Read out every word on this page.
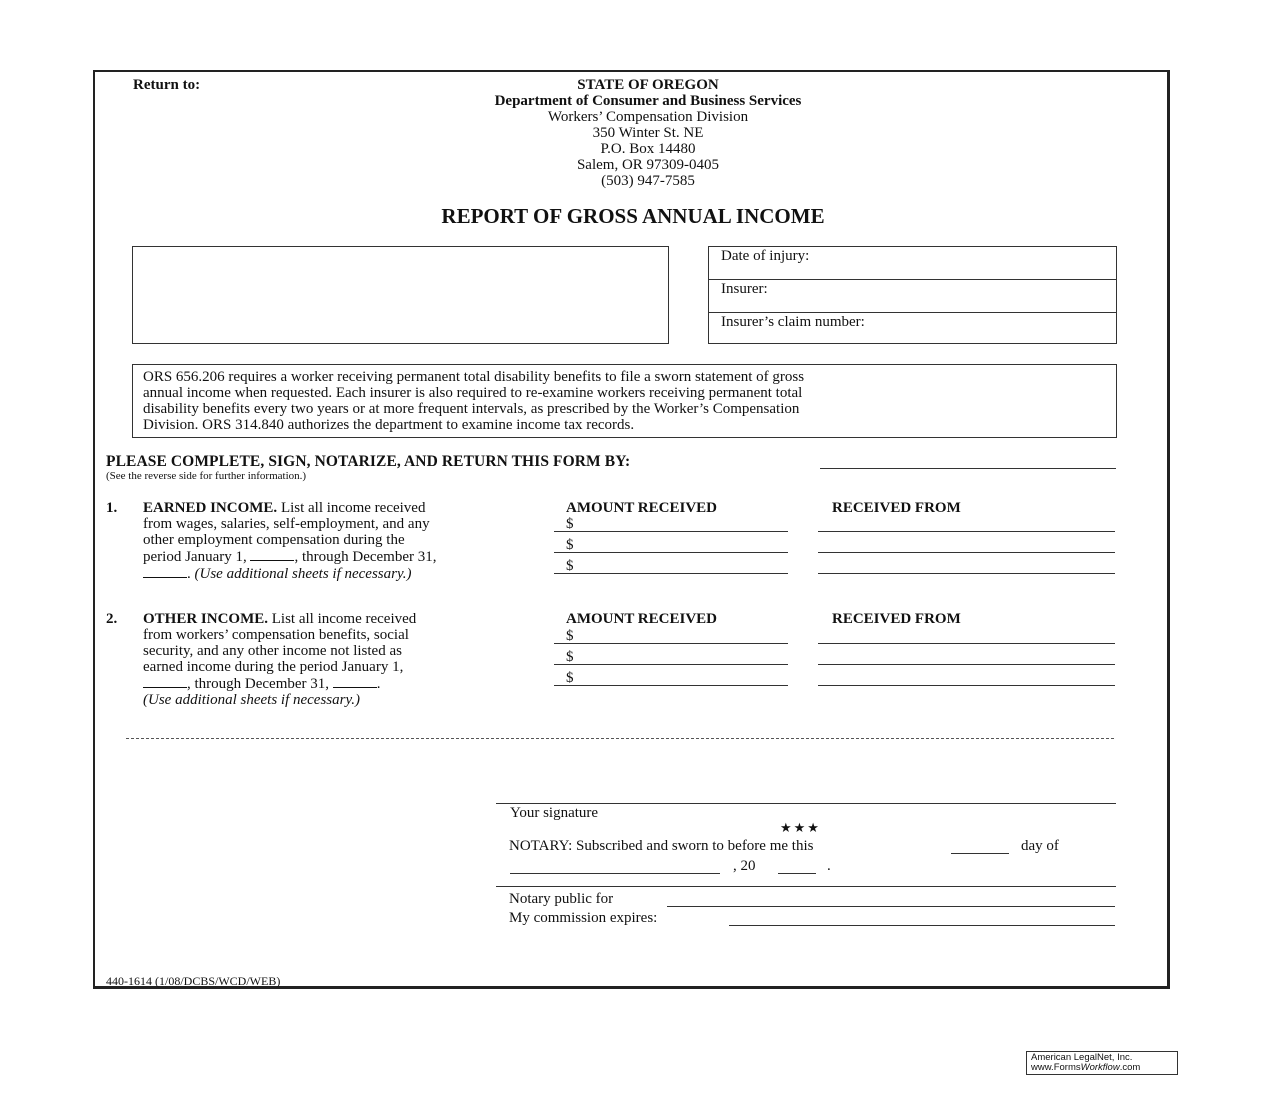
Return to:	STATE OF OREGON
Department of Consumer and Business Services
Workers’ Compensation Division
350 Winter St. NE
P.O. Box 14480
Salem, OR 97309-0405
(503) 947-7585
REPORT OF GROSS ANNUAL INCOME
Date of injury:
Insurer:
Insurer’s claim number:
ORS 656.206 requires a worker receiving permanent total disability benefits to file a sworn statement of gross
annual income when requested. Each insurer is also required to re-examine workers receiving permanent total
disability benefits every two years or at more frequent intervals, as prescribed by the Worker’s Compensation
Division. ORS 314.840 authorizes the department to examine income tax records.
PLEASE COMPLETE, SIGN, NOTARIZE, AND RETURN THIS FORM BY:
(See the reverse side for further information.)
1. EARNED INCOME. List all income received
from wages, salaries, self-employment, and any
other employment compensation during the
period January 1,	, through December 31,
. (Use additional sheets if necessary.)
AMOUNT RECEIVED	RECEIVED FROM
$
$
$
2. OTHER INCOME. List all income received
from workers’ compensation benefits, social
security, and any other income not listed as
earned income during the period January 1,
, through December 31,	.
(Use additional sheets if necessary.)
AMOUNT RECEIVED	RECEIVED FROM
$
$
$
Your signature
★★★
NOTARY: Subscribed and sworn to before me this	day of
, 20	.
Notary public for
My commission expires:
440-1614 (1/08/DCBS/WCD/WEB)
American LegalNet, Inc.
www.FormsWorkflow.com
